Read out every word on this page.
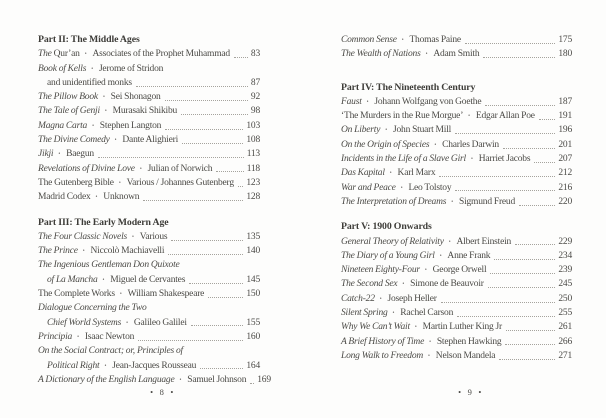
Part II: The Middle Ages
The Qur’an • Associates of the Prophet Muhammad 83
Book of Kells • Jerome of Stridon
and unidentified monks	87
The Pillow Book • Sei Shonagon	92
The Tale of Genji • Murasaki Shikibu	98
Magna Carta • Stephen Langton	103
The Divine Comedy • Dante Alighieri	108
Jikji • Baegun	113
Revelations of Divine Love • Julian of Norwich	118
The Gutenberg Bible • Various / Johannes Gutenberg 123
Madrid Codex • Unknown	128
Part III: The Early Modern Age
The Four Classic Novels • Various	135
The Prince • Niccolò Machiavelli	140
The Ingenious Gentleman Don Quixote
of La Mancha • Miguel de Cervantes	145
The Complete Works • William Shakespeare	150
Dialogue Concerning the Two
Chief World Systems • Galileo Galilei	155
Principia • Isaac Newton	160
On the Social Contract; or, Principles of
Political Right • Jean-Jacques Rousseau	164
A Dictionary of the English Language • Samuel Johnson 169
Common Sense • Thomas Paine	175
The Wealth of Nations • Adam Smith	180
Part IV: The Nineteenth Century
Faust • Johann Wolfgang von Goethe	187
‘The Murders in the Rue Morgue’ • Edgar Allan Poe 191
On Liberty • John Stuart Mill	196
On the Origin of Species • Charles Darwin	201
Incidents in the Life of a Slave Girl • Harriet Jacobs	207
Das Kapital • Karl Marx	212
War and Peace • Leo Tolstoy	216
The Interpretation of Dreams • Sigmund Freud	220
Part V: 1900 Onwards
General Theory of Relativity • Albert Einstein	229
The Diary of a Young Girl • Anne Frank	234
Nineteen Eighty-Four • George Orwell	239
The Second Sex • Simone de Beauvoir	245
Catch-22 • Joseph Heller	250
Silent Spring • Rachel Carson	255
Why We Can’t Wait • Martin Luther King Jr	261
A Brief History of Time • Stephen Hawking	266
Long Walk to Freedom • Nelson Mandela	271
• 8 •	• 9 •
